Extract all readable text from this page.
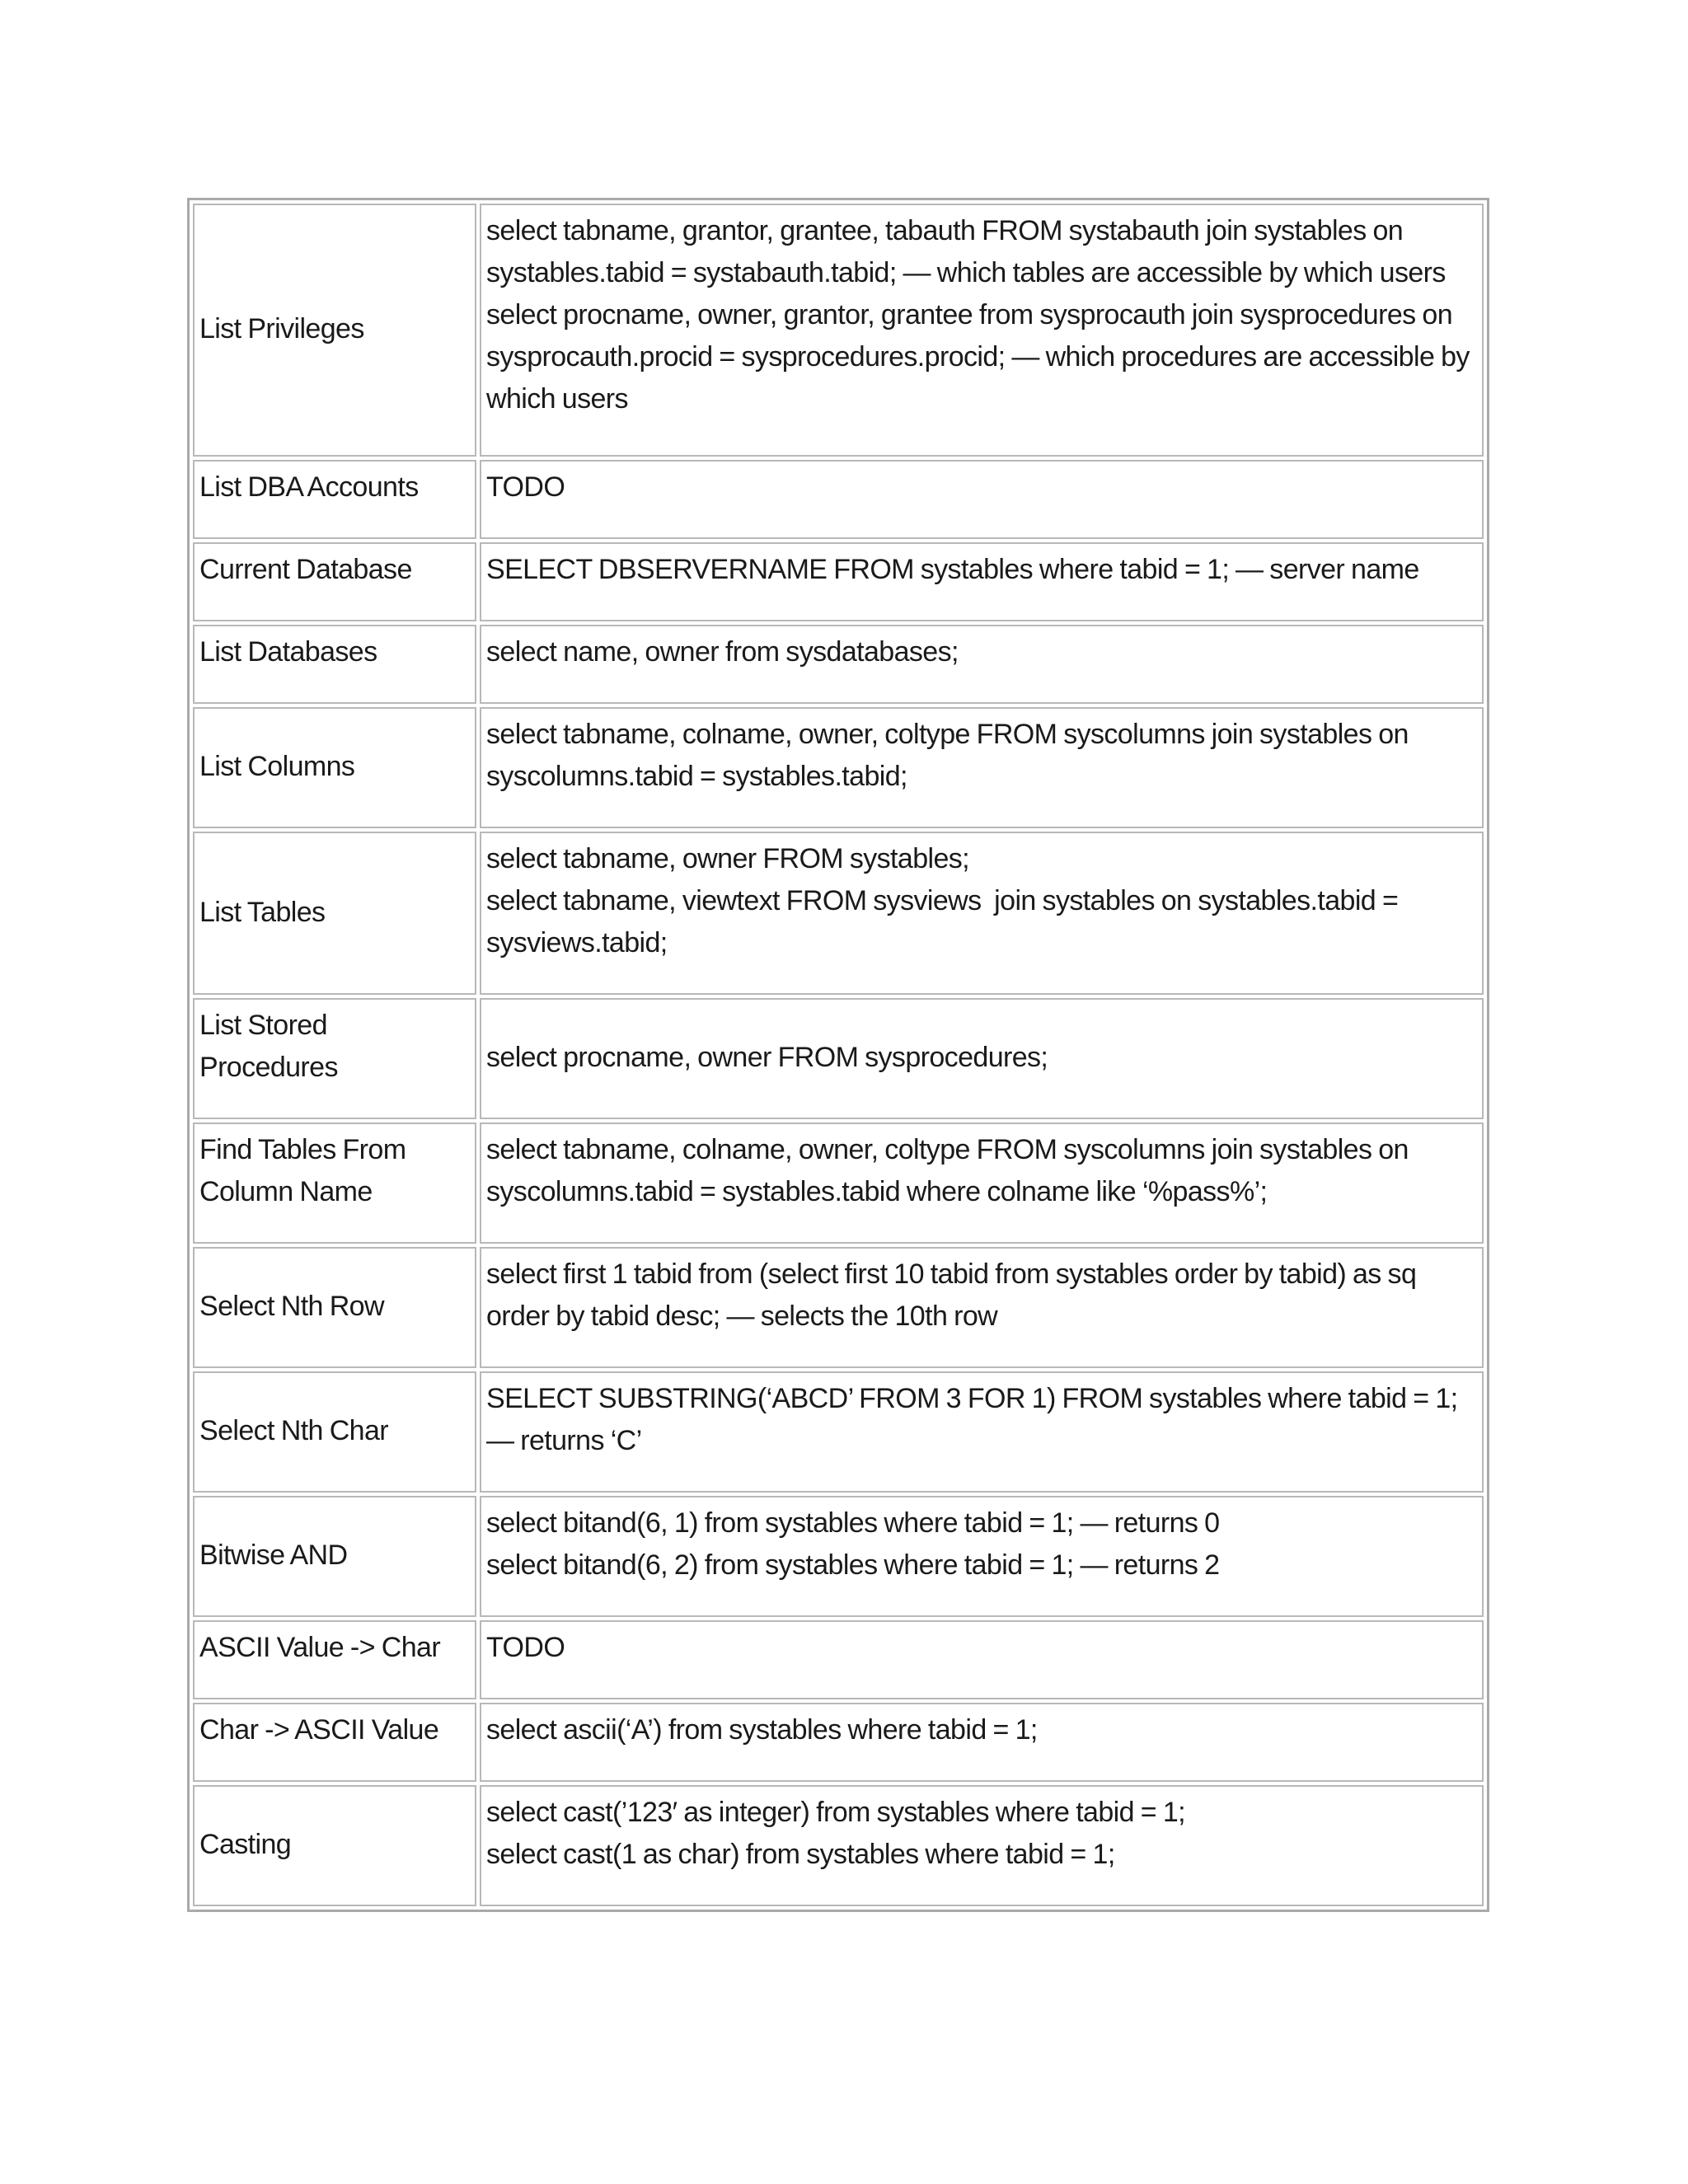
List Privileges	select tabname, grantor, grantee, tabauth FROM systabauth join systables on systables.tabid = systabauth.tabid; — which tables are accessible by which users
select procname, owner, grantor, grantee from sysprocauth join sysprocedures on sysprocauth.procid = sysprocedures.procid; — which procedures are accessible by which users

List DBA Accounts	TODO

Current Database	SELECT DBSERVERNAME FROM systables where tabid = 1; — server name

List Databases	select name, owner from sysdatabases;

List Columns	select tabname, colname, owner, coltype FROM syscolumns join systables on syscolumns.tabid = systables.tabid;

List Tables	select tabname, owner FROM systables;
select tabname, viewtext FROM sysviews  join systables on systables.tabid = sysviews.tabid;

List Stored Procedures	select procname, owner FROM sysprocedures;

Find Tables From Column Name	select tabname, colname, owner, coltype FROM syscolumns join systables on syscolumns.tabid = systables.tabid where colname like ‘%pass%’;

Select Nth Row	select first 1 tabid from (select first 10 tabid from systables order by tabid) as sq order by tabid desc; — selects the 10th row

Select Nth Char	SELECT SUBSTRING(‘ABCD’ FROM 3 FOR 1) FROM systables where tabid = 1; — returns ‘C’

Bitwise AND	select bitand(6, 1) from systables where tabid = 1; — returns 0
select bitand(6, 2) from systables where tabid = 1; — returns 2

ASCII Value -> Char	TODO

Char -> ASCII Value	select ascii(‘A’) from systables where tabid = 1;

Casting	select cast(’123′ as integer) from systables where tabid = 1;
select cast(1 as char) from systables where tabid = 1;
